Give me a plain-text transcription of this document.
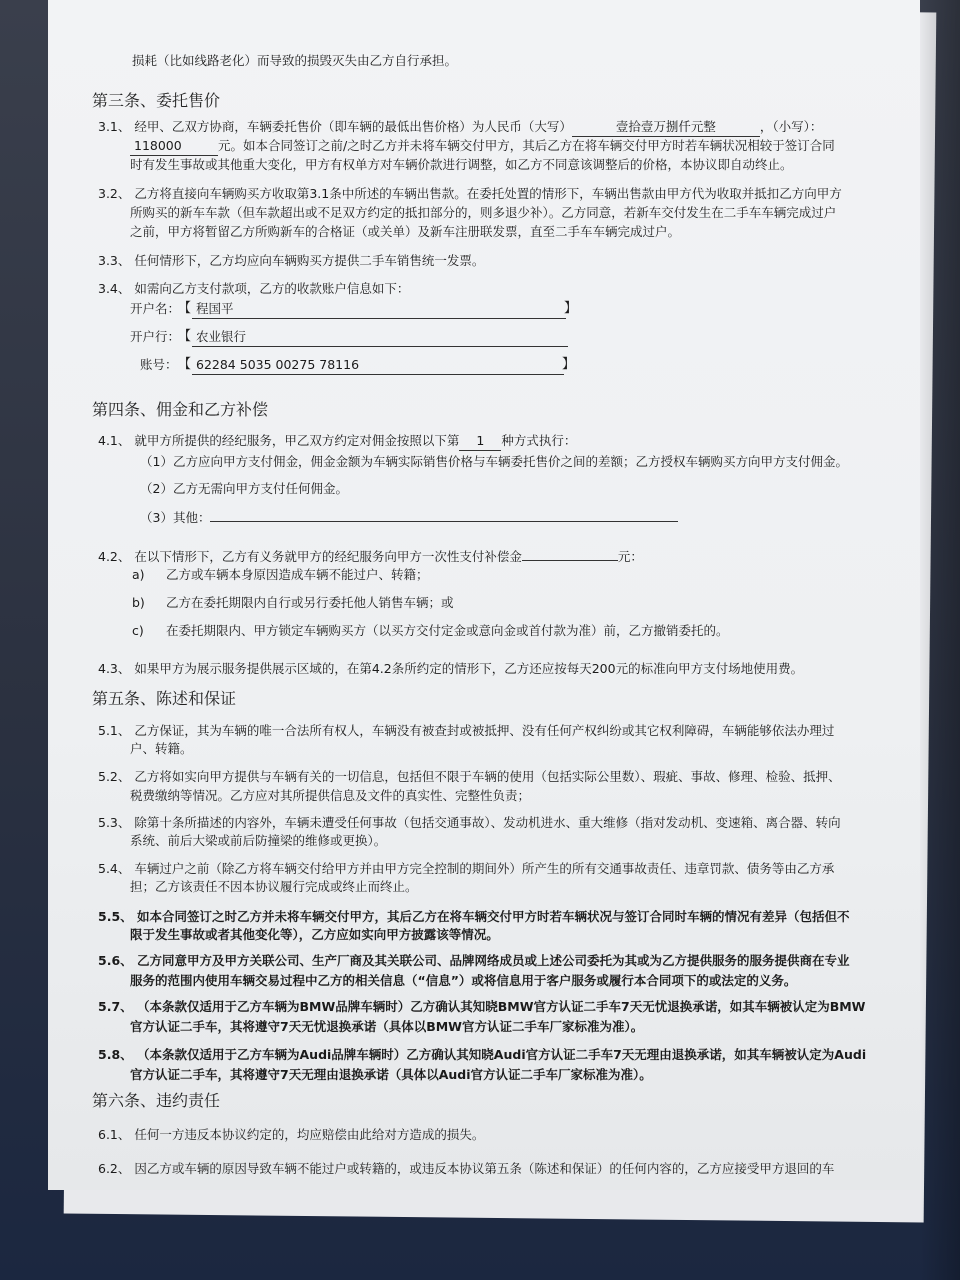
损耗（比如线路老化）而导致的损毁灭失由乙方自行承担。
第三条、委托售价
3.1、 经甲、乙双方协商，车辆委托售价（即车辆的最低出售价格）为人民币（大写）	壹拾壹万捌仟元整	，（小写）：
118000	元。如本合同签订之前/之时乙方并未将车辆交付甲方，其后乙方在将车辆交付甲方时若车辆状况相较于签订合同
时有发生事故或其他重大变化，甲方有权单方对车辆价款进行调整，如乙方不同意该调整后的价格，本协议即自动终止。
3.2、 乙方将直接向车辆购买方收取第3.1条中所述的车辆出售款。在委托处置的情形下，车辆出售款由甲方代为收取并抵扣乙方向甲方
所购买的新车车款（但车款超出或不足双方约定的抵扣部分的，则多退少补）。乙方同意，若新车交付发生在二手车车辆完成过户
之前，甲方将暂留乙方所购新车的合格证（或关单）及新车注册联发票，直至二手车车辆完成过户。
3.3、 任何情形下，乙方均应向车辆购买方提供二手车销售统一发票。
3.4、 如需向乙方支付款项，乙方的收款账户信息如下：
开户名：
【 程国平	】
开户行：
【 农业银行
账号： 【 62284 5035 00275 78116	】
第四条、佣金和乙方补偿
4.1、 就甲方所提供的经纪服务，甲乙双方约定对佣金按照以下第 1 种方式执行：
（1）乙方应向甲方支付佣金，佣金金额为车辆实际销售价格与车辆委托售价之间的差额；乙方授权车辆购买方向甲方支付佣金。
（2）乙方无需向甲方支付任何佣金。
（3）其他：
4.2、 在以下情形下，乙方有义务就甲方的经纪服务向甲方一次性支付补偿金	元：
a) 乙方或车辆本身原因造成车辆不能过户、转籍；
b) 乙方在委托期限内自行或另行委托他人销售车辆；或
c) 在委托期限内、甲方锁定车辆购买方（以买方交付定金或意向金或首付款为准）前，乙方撤销委托的。
4.3、 如果甲方为展示服务提供展示区域的，在第4.2条所约定的情形下，乙方还应按每天200元的标准向甲方支付场地使用费。
第五条、陈述和保证
5.1、 乙方保证，其为车辆的唯一合法所有权人，车辆没有被查封或被抵押、没有任何产权纠纷或其它权利障碍，车辆能够依法办理过
户、转籍。
5.2、 乙方将如实向甲方提供与车辆有关的一切信息，包括但不限于车辆的使用（包括实际公里数）、瑕疵、事故、修理、检验、抵押、
税费缴纳等情况。乙方应对其所提供信息及文件的真实性、完整性负责；
5.3、 除第十条所描述的内容外，车辆未遭受任何事故（包括交通事故）、发动机进水、重大维修（指对发动机、变速箱、离合器、转向
系统、前后大梁或前后防撞梁的维修或更换）。
5.4、 车辆过户之前（除乙方将车辆交付给甲方并由甲方完全控制的期间外）所产生的所有交通事故责任、违章罚款、债务等由乙方承
担；乙方该责任不因本协议履行完成或终止而终止。
5.5、 如本合同签订之时乙方并未将车辆交付甲方，其后乙方在将车辆交付甲方时若车辆状况与签订合同时车辆的情况有差异（包括但不
限于发生事故或者其他变化等），乙方应如实向甲方披露该等情况。
5.6、 乙方同意甲方及甲方关联公司、生产厂商及其关联公司、品牌网络成员或上述公司委托为其或为乙方提供服务的服务提供商在专业
服务的范围内使用车辆交易过程中乙方的相关信息（“信息”）或将信息用于客户服务或履行本合同项下的或法定的义务。
5.7、 （本条款仅适用于乙方车辆为BMW品牌车辆时）乙方确认其知晓BMW官方认证二手车7天无忧退换承诺，如其车辆被认定为BMW
官方认证二手车，其将遵守7天无忧退换承诺（具体以BMW官方认证二手车厂家标准为准）。
5.8、 （本条款仅适用于乙方车辆为Audi品牌车辆时）乙方确认其知晓Audi官方认证二手车7天无理由退换承诺，如其车辆被认定为Audi
官方认证二手车，其将遵守7天无理由退换承诺（具体以Audi官方认证二手车厂家标准为准）。
第六条、违约责任
6.1、 任何一方违反本协议约定的，均应赔偿由此给对方造成的损失。
6.2、 因乙方或车辆的原因导致车辆不能过户或转籍的，或违反本协议第五条（陈述和保证）的任何内容的，乙方应接受甲方退回的车
